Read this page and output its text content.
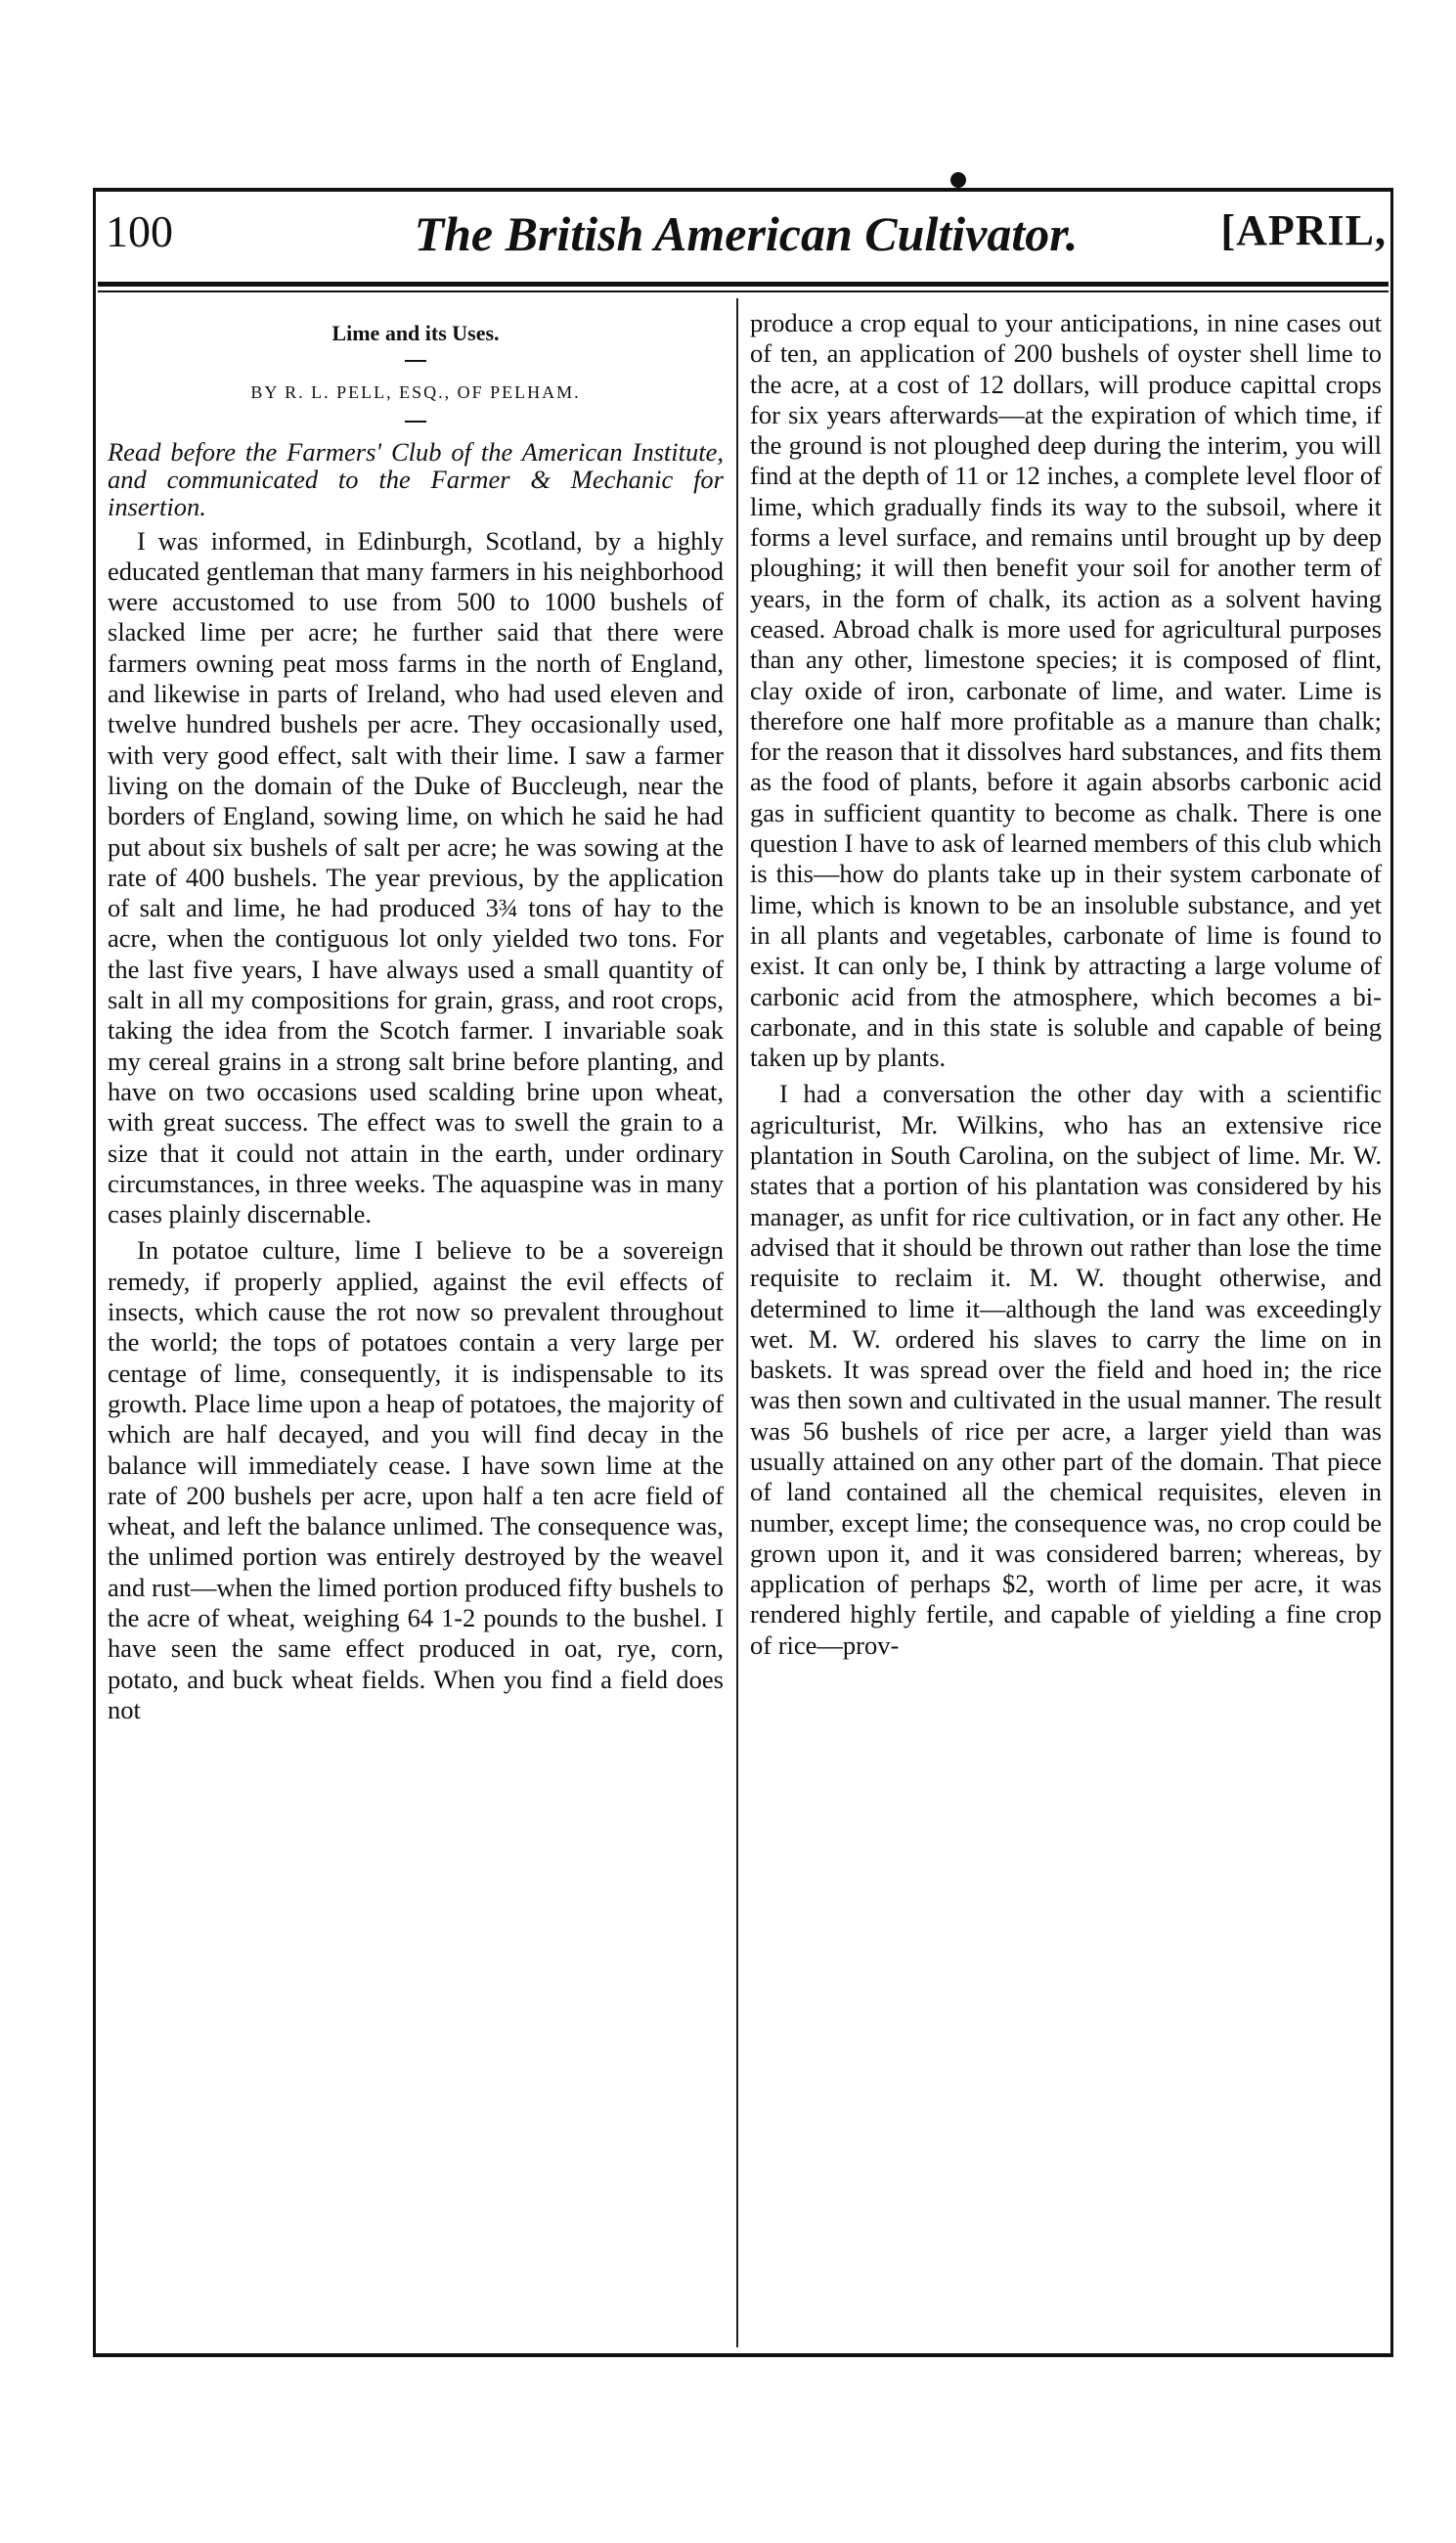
100	The British American Cultivator.	[APRIL,
Lime and its Uses.
BY R. L. PELL, ESQ., OF PELHAM.

Read before the Farmers' Club of the American Institute, and communicated to the Farmer & Mechanic for insertion.

I was informed, in Edinburgh, Scotland, by a highly educated gentleman that many farmers in his neighborhood were accustomed to use from 500 to 1000 bushels of slacked lime per acre; he further said that there were farmers owning peat moss farms in the north of England, and likewise in parts of Ireland, who had used eleven and twelve hundred bushels per acre. They occasionally used, with very good effect, salt with their lime. I saw a farmer living on the domain of the Duke of Buccleugh, near the borders of England, sowing lime, on which he said he had put about six bushels of salt per acre; he was sowing at the rate of 400 bushels. The year previous, by the application of salt and lime, he had produced 3¾ tons of hay to the acre, when the contiguous lot only yielded two tons. For the last five years, I have always used a small quantity of salt in all my compositions for grain, grass, and root crops, taking the idea from the Scotch farmer. I invariable soak my cereal grains in a strong salt brine before planting, and have on two occasions used scalding brine upon wheat, with great success. The effect was to swell the grain to a size that it could not attain in the earth, under ordinary circumstances, in three weeks. The aquaspine was in many cases plainly discernable.

In potatoe culture, lime I believe to be a sovereign remedy, if properly applied, against the evil effects of insects, which cause the rot now so prevalent throughout the world; the tops of potatoes contain a very large per centage of lime, consequently, it is indispensable to its growth. Place lime upon a heap of potatoes, the majority of which are half decayed, and you will find decay in the balance will immediately cease. I have sown lime at the rate of 200 bushels per acre, upon half a ten acre field of wheat, and left the balance unlimed. The consequence was, the unlimed portion was entirely destroyed by the weavel and rust—when the limed portion produced fifty bushels to the acre of wheat, weighing 64 1-2 pounds to the bushel. I have seen the same effect produced in oat, rye, corn, potato, and buck wheat fields. When you find a field does not

produce a crop equal to your anticipations, in nine cases out of ten, an application of 200 bushels of oyster shell lime to the acre, at a cost of 12 dollars, will produce capittal crops for six years afterwards—at the expiration of which time, if the ground is not ploughed deep during the interim, you will find at the depth of 11 or 12 inches, a complete level floor of lime, which gradually finds its way to the subsoil, where it forms a level surface, and remains until brought up by deep ploughing; it will then benefit your soil for another term of years, in the form of chalk, its action as a solvent having ceased. Abroad chalk is more used for agricultural purposes than any other, limestone species; it is composed of flint, clay oxide of iron, carbonate of lime, and water. Lime is therefore one half more profitable as a manure than chalk; for the reason that it dissolves hard substances, and fits them as the food of plants, before it again absorbs carbonic acid gas in sufficient quantity to become as chalk. There is one question I have to ask of learned members of this club which is this—how do plants take up in their system carbonate of lime, which is known to be an insoluble substance, and yet in all plants and vegetables, carbonate of lime is found to exist. It can only be, I think by attracting a large volume of carbonic acid from the atmosphere, which becomes a bi-carbonate, and in this state is soluble and capable of being taken up by plants.

I had a conversation the other day with a scientific agriculturist, Mr. Wilkins, who has an extensive rice plantation in South Carolina, on the subject of lime. Mr. W. states that a portion of his plantation was considered by his manager, as unfit for rice cultivation, or in fact any other. He advised that it should be thrown out rather than lose the time requisite to reclaim it. M. W. thought otherwise, and determined to lime it—although the land was exceedingly wet. M. W. ordered his slaves to carry the lime on in baskets. It was spread over the field and hoed in; the rice was then sown and cultivated in the usual manner. The result was 56 bushels of rice per acre, a larger yield than was usually attained on any other part of the domain. That piece of land contained all the chemical requisites, eleven in number, except lime; the consequence was, no crop could be grown upon it, and it was considered barren; whereas, by application of perhaps $2, worth of lime per acre, it was rendered highly fertile, and capable of yielding a fine crop of rice—prov-
